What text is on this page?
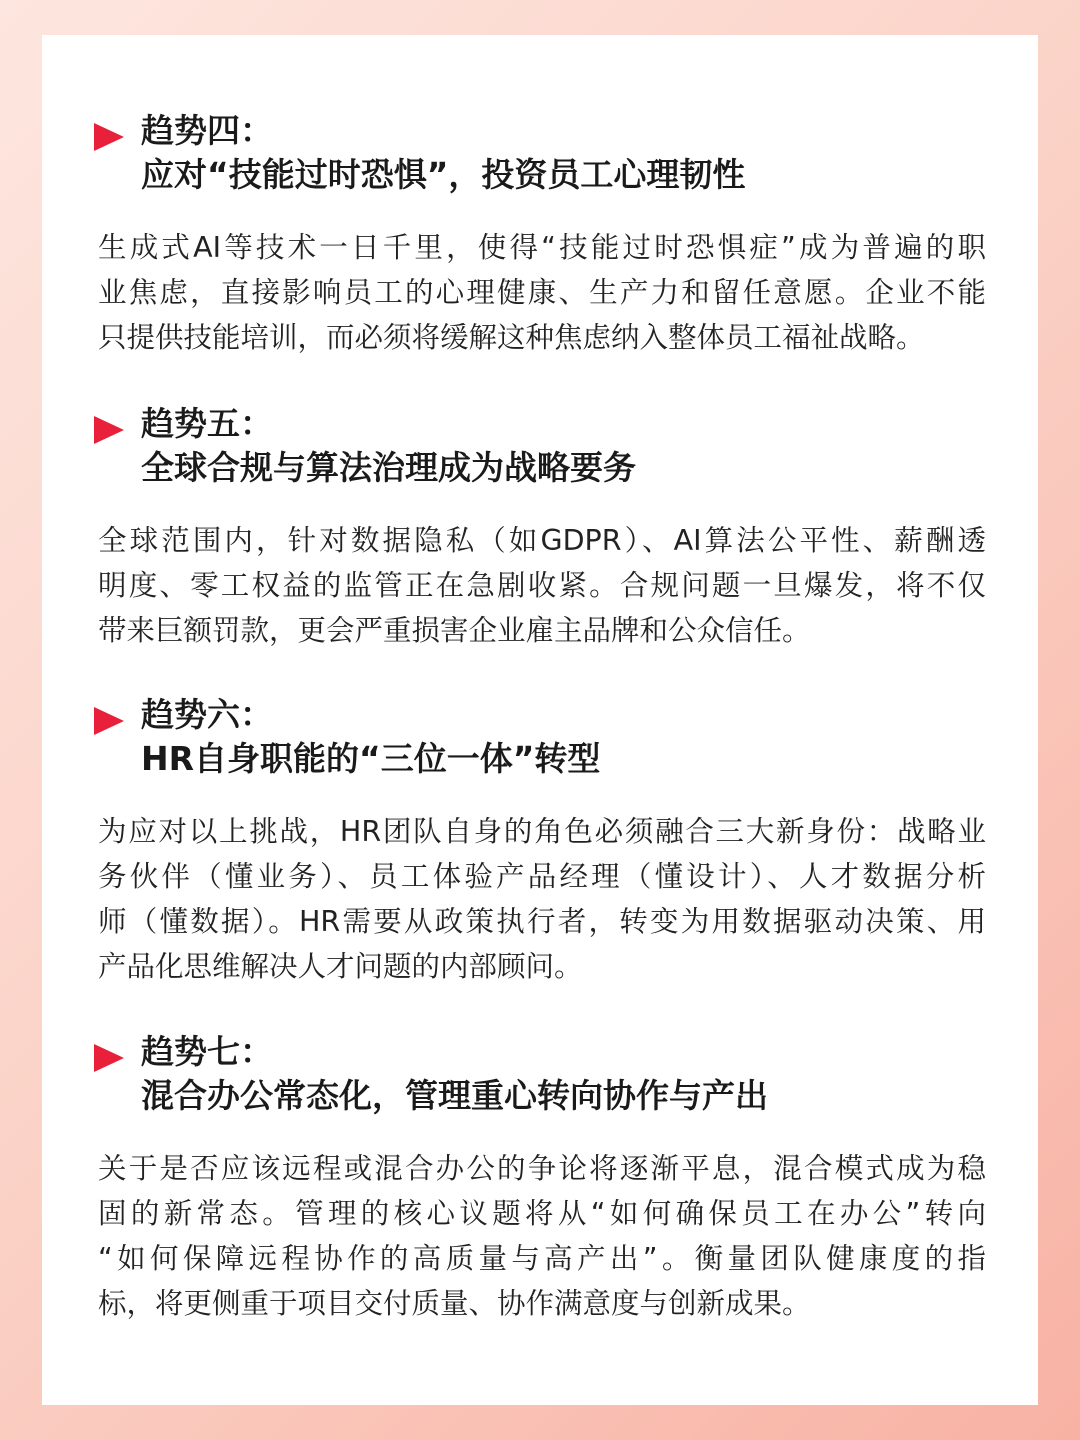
趋势四：
应对“技能过时恐惧”，投资员工心理韧性
生成式AI等技术一日千里，使得“技能过时恐惧症”成为普遍的职
业焦虑，直接影响员工的心理健康、生产力和留任意愿。企业不能
只提供技能培训，而必须将缓解这种焦虑纳入整体员工福祉战略。
趋势五：
全球合规与算法治理成为战略要务
全球范围内，针对数据隐私（如GDPR）、AI算法公平性、薪酬透
明度、零工权益的监管正在急剧收紧。合规问题一旦爆发，将不仅
带来巨额罚款，更会严重损害企业雇主品牌和公众信任。
趋势六：
HR自身职能的“三位一体”转型
为应对以上挑战，HR团队自身的角色必须融合三大新身份：战略业
务伙伴（懂业务）、员工体验产品经理（懂设计）、人才数据分析
师（懂数据）。HR需要从政策执行者，转变为用数据驱动决策、用
产品化思维解决人才问题的内部顾问。
趋势七：
混合办公常态化，管理重心转向协作与产出
关于是否应该远程或混合办公的争论将逐渐平息，混合模式成为稳
固的新常态。管理的核心议题将从“如何确保员工在办公”转向
“如何保障远程协作的高质量与高产出”。衡量团队健康度的指
标，将更侧重于项目交付质量、协作满意度与创新成果。
